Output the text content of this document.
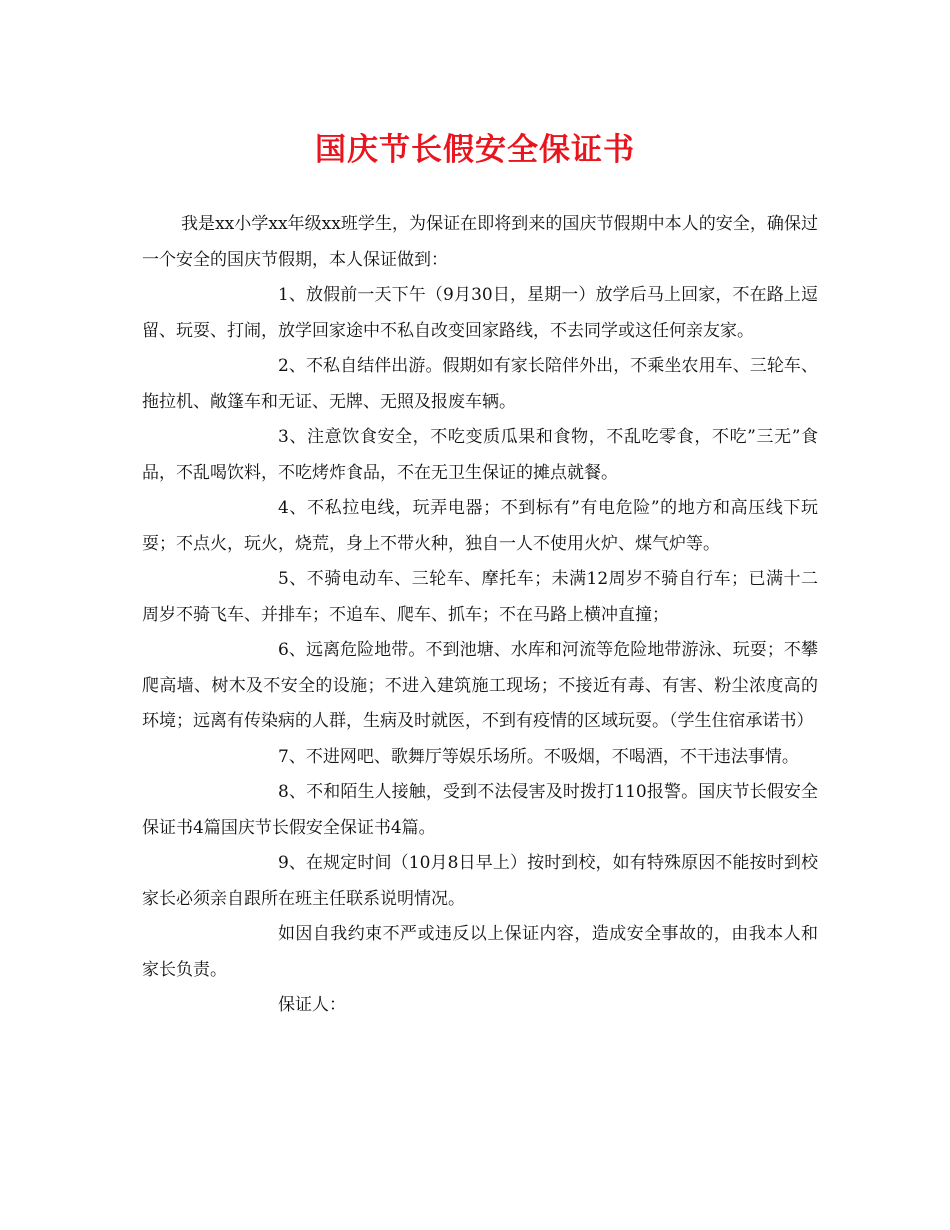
国庆节长假安全保证书

我是xx小学xx年级xx班学生，为保证在即将到来的国庆节假期中本人的安全，确保过一个安全的国庆节假期，本人保证做到：

1、放假前一天下午（9月30日，星期一）放学后马上回家，不在路上逗留、玩耍、打闹，放学回家途中不私自改变回家路线，不去同学或这任何亲友家。

2、不私自结伴出游。假期如有家长陪伴外出，不乘坐农用车、三轮车、拖拉机、敞篷车和无证、无牌、无照及报废车辆。

3、注意饮食安全，不吃变质瓜果和食物，不乱吃零食，不吃”三无”食品，不乱喝饮料，不吃烤炸食品，不在无卫生保证的摊点就餐。

4、不私拉电线，玩弄电器；不到标有”有电危险”的地方和高压线下玩耍；不点火，玩火，烧荒，身上不带火种，独自一人不使用火炉、煤气炉等。

5、不骑电动车、三轮车、摩托车；未满12周岁不骑自行车；已满十二周岁不骑飞车、并排车；不追车、爬车、抓车；不在马路上横冲直撞；

6、远离危险地带。不到池塘、水库和河流等危险地带游泳、玩耍；不攀爬高墙、树木及不安全的设施；不进入建筑施工现场；不接近有毒、有害、粉尘浓度高的环境；远离有传染病的人群，生病及时就医，不到有疫情的区域玩耍。（学生住宿承诺书）

7、不进网吧、歌舞厅等娱乐场所。不吸烟，不喝酒，不干违法事情。

8、不和陌生人接触，受到不法侵害及时拨打110报警。国庆节长假安全保证书4篇国庆节长假安全保证书4篇。

9、在规定时间（10月8日早上）按时到校，如有特殊原因不能按时到校家长必须亲自跟所在班主任联系说明情况。

如因自我约束不严或违反以上保证内容，造成安全事故的，由我本人和家长负责。

保证人：
